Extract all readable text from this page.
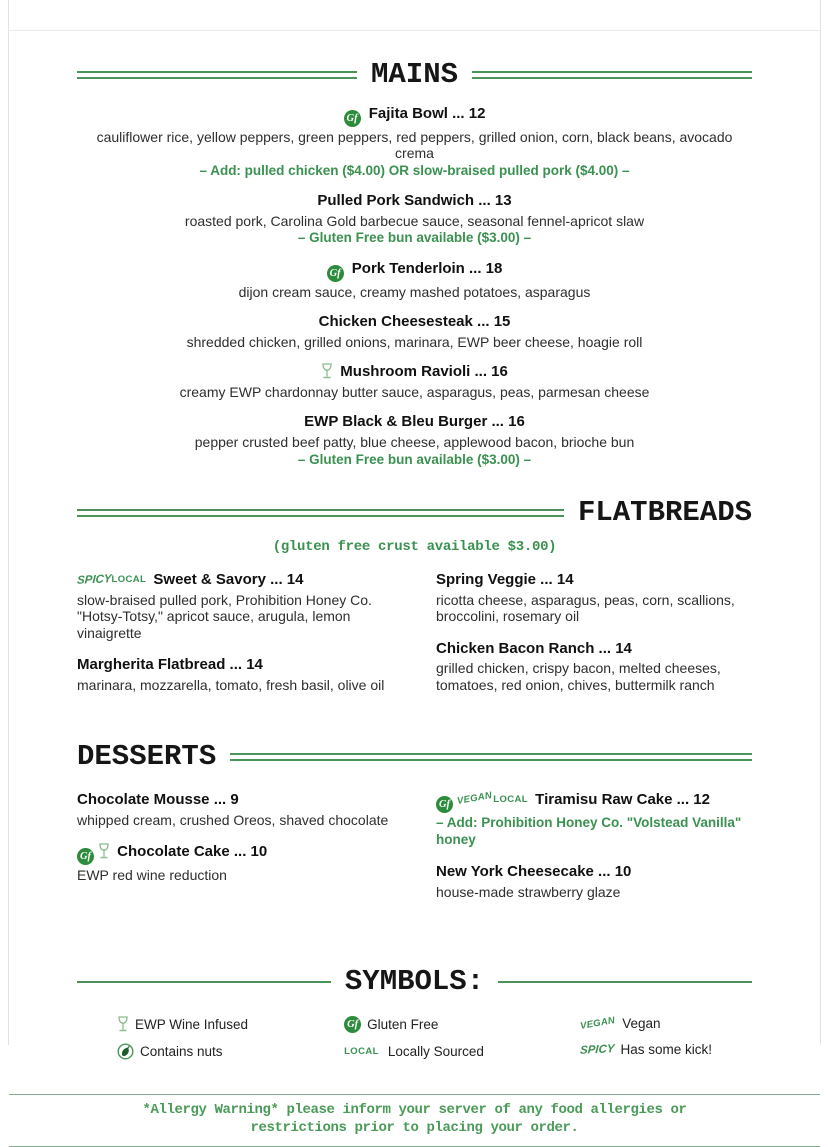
MAINS
Gf Fajita Bowl ... 12

cauliflower rice, yellow peppers, green peppers, red peppers, grilled onion, corn, black beans, avocado crema

– Add: pulled chicken ($4.00) OR slow-braised pulled pork ($4.00) –

Pulled Pork Sandwich ... 13

roasted pork, Carolina Gold barbecue sauce, seasonal fennel-apricot slaw

– Gluten Free bun available ($3.00) –

Gf Pork Tenderloin ... 18

dijon cream sauce, creamy mashed potatoes, asparagus

Chicken Cheesesteak ... 15

shredded chicken, grilled onions, marinara, EWP beer cheese, hoagie roll

Mushroom Ravioli ... 16

creamy EWP chardonnay butter sauce, asparagus, peas, parmesan cheese

EWP Black & Bleu Burger ... 16

pepper crusted beef patty, blue cheese, applewood bacon, brioche bun

– Gluten Free bun available ($3.00) –

FLATBREADS

(gluten free crust available $3.00)

SPICYLOCAL Sweet & Savory ... 14

slow-braised pulled pork, Prohibition Honey Co. "Hotsy-Totsy," apricot sauce, arugula, lemon vinaigrette

Margherita Flatbread ... 14

marinara, mozzarella, tomato, fresh basil, olive oil

Spring Veggie ... 14

ricotta cheese, asparagus, peas, corn, scallions, broccolini, rosemary oil

Chicken Bacon Ranch ... 14

grilled chicken, crispy bacon, melted cheeses, tomatoes, red onion, chives, buttermilk ranch

DESSERTS
Chocolate Mousse ... 9

whipped cream, crushed Oreos, shaved chocolate

Gf Chocolate Cake ... 10

EWP red wine reduction

Gf VEGANLOCAL Tiramisu Raw Cake ... 12

– Add: Prohibition Honey Co. "Volstead Vanilla" honey

New York Cheesecake ... 10

house-made strawberry glaze

SYMBOLS:
EWP Wine Infused
Contains nuts
Gf Gluten Free
LOCAL Locally Sourced
VEGAN Vegan
SPICY Has some kick!

*Allergy Warning* please inform your server of any food allergies or restrictions prior to placing your order.
